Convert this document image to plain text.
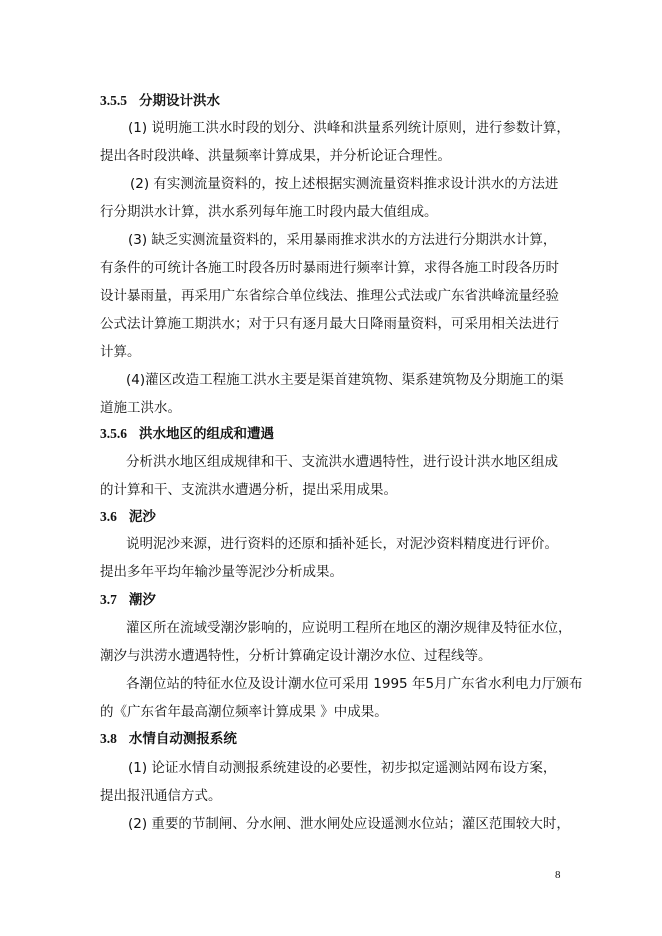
3.5.5 分期设计洪水
(1) 说明施工洪水时段的划分、洪峰和洪量系列统计原则，进行参数计算，
提出各时段洪峰、洪量频率计算成果，并分析论证合理性。
(2) 有实测流量资料的，按上述根据实测流量资料推求设计洪水的方法进
行分期洪水计算，洪水系列每年施工时段内最大值组成。
(3) 缺乏实测流量资料的，采用暴雨推求洪水的方法进行分期洪水计算，
有条件的可统计各施工时段各历时暴雨进行频率计算，求得各施工时段各历时
设计暴雨量，再采用广东省综合单位线法、推理公式法或广东省洪峰流量经验
公式法计算施工期洪水；对于只有逐月最大日降雨量资料，可采用相关法进行
计算。
(4)灌区改造工程施工洪水主要是渠首建筑物、渠系建筑物及分期施工的渠
道施工洪水。
3.5.6 洪水地区的组成和遭遇
分析洪水地区组成规律和干、支流洪水遭遇特性，进行设计洪水地区组成
的计算和干、支流洪水遭遇分析，提出采用成果。
3.6 泥沙
说明泥沙来源，进行资料的还原和插补延长，对泥沙资料精度进行评价。
提出多年平均年输沙量等泥沙分析成果。
3.7 潮汐
灌区所在流域受潮汐影响的，应说明工程所在地区的潮汐规律及特征水位，
潮汐与洪涝水遭遇特性，分析计算确定设计潮汐水位、过程线等。
各潮位站的特征水位及设计潮水位可采用 1995 年5月广东省水利电力厅颁布
的《广东省年最高潮位频率计算成果 》中成果。
3.8 水情自动测报系统
(1) 论证水情自动测报系统建设的必要性，初步拟定遥测站网布设方案，
提出报汛通信方式。
(2) 重要的节制闸、分水闸、泄水闸处应设遥测水位站；灌区范围较大时，
8
